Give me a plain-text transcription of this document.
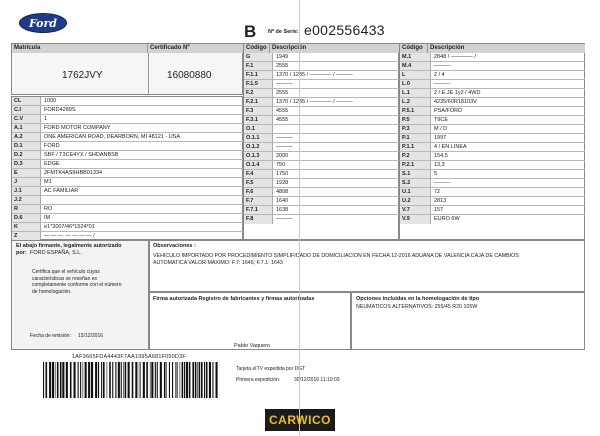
Ford	B Nº de Serie: e002556433
Matrícula	Certificado Nº
1762JVY	16080880
CL	1000
C.I	FORD4289S
C.V	1
A.1	FORD MOTOR COMPANY
A.2	ONE AMERICAN ROAD, DEARBORN, MI 48121 - USA
D.1	FORD
D.2	SBF / T3CE4YX / SHDANBSB
D.3	EDGE
E	2FMTK4AS9HBB01334
J	M1
J.1	AC FAMILIAR
J.2
R	RO
D.6	IM
K	e1*2007/46*1524*01
Z	— — — — — — — /
Código Descripción
G	1949
F.1	2555
F.1.1	1370 / 1235 / ———— / ———
F.1.5	———
F.2	2555
F.2.1	1370 / 1235 / ———— / ———
F.3	4555
F.3.1	4555
O.1
O.1.1	———
O.1.2	———
O.1.3	2000
O.1.4	750
F.4	1750
F.5	1928
F.6	4808
F.7	1640
F.7.1	1638
F.8	———
Código	Descripción
M.1	2848 / ———— /
M.4	———
L	2 / 4
L.0	———
L.1	2 / E.JE 1y2 / 4WD
L.2	4235/60R18103V
P.5.1	PSA/FORD
P.5	T9CE
P.3	M / D
P.1	1997
P.1.1	4 / EN LINEA
P.2	154,5
P.2.1	13,3
S.1	5
S.2	———
U.1	72
U.2	2813
V.7	157
V.9	EURO 6W
El abajo firmante, legalmente autorizado
por: FORD ESPAÑA, S.L.
Certifica que el vehículo cuyas características se reseñan es completamente conforme con el número de homologación.
Fecha de emisión: 15/12/2016
Observaciones :
VEHICULO IMPORTADO POR PROCEDIMIENTO SIMPLIFICADO DE DOMICILIACION EN FECHA 12-2016 ADUANA DE VALENCIA CAJA DE CAMBIOS AUTOMATICA VALOR MAXIMO: F.7: 1645; F.7.1: 1643
Firma autorizada Registro de fabricantes y firmas autorizadas
Pablo Vaquero
Opciones incluidas en la homologación de tipo
NEUMATICOS ALTERNATIVOS: 255/45 R20 105W
1AF3665FDA4443F7AA1995A681F050D3F
Tarjeta eITV expedida por DGT
Primera expedición:	30/12/2016 11:10:03
CARWICO
